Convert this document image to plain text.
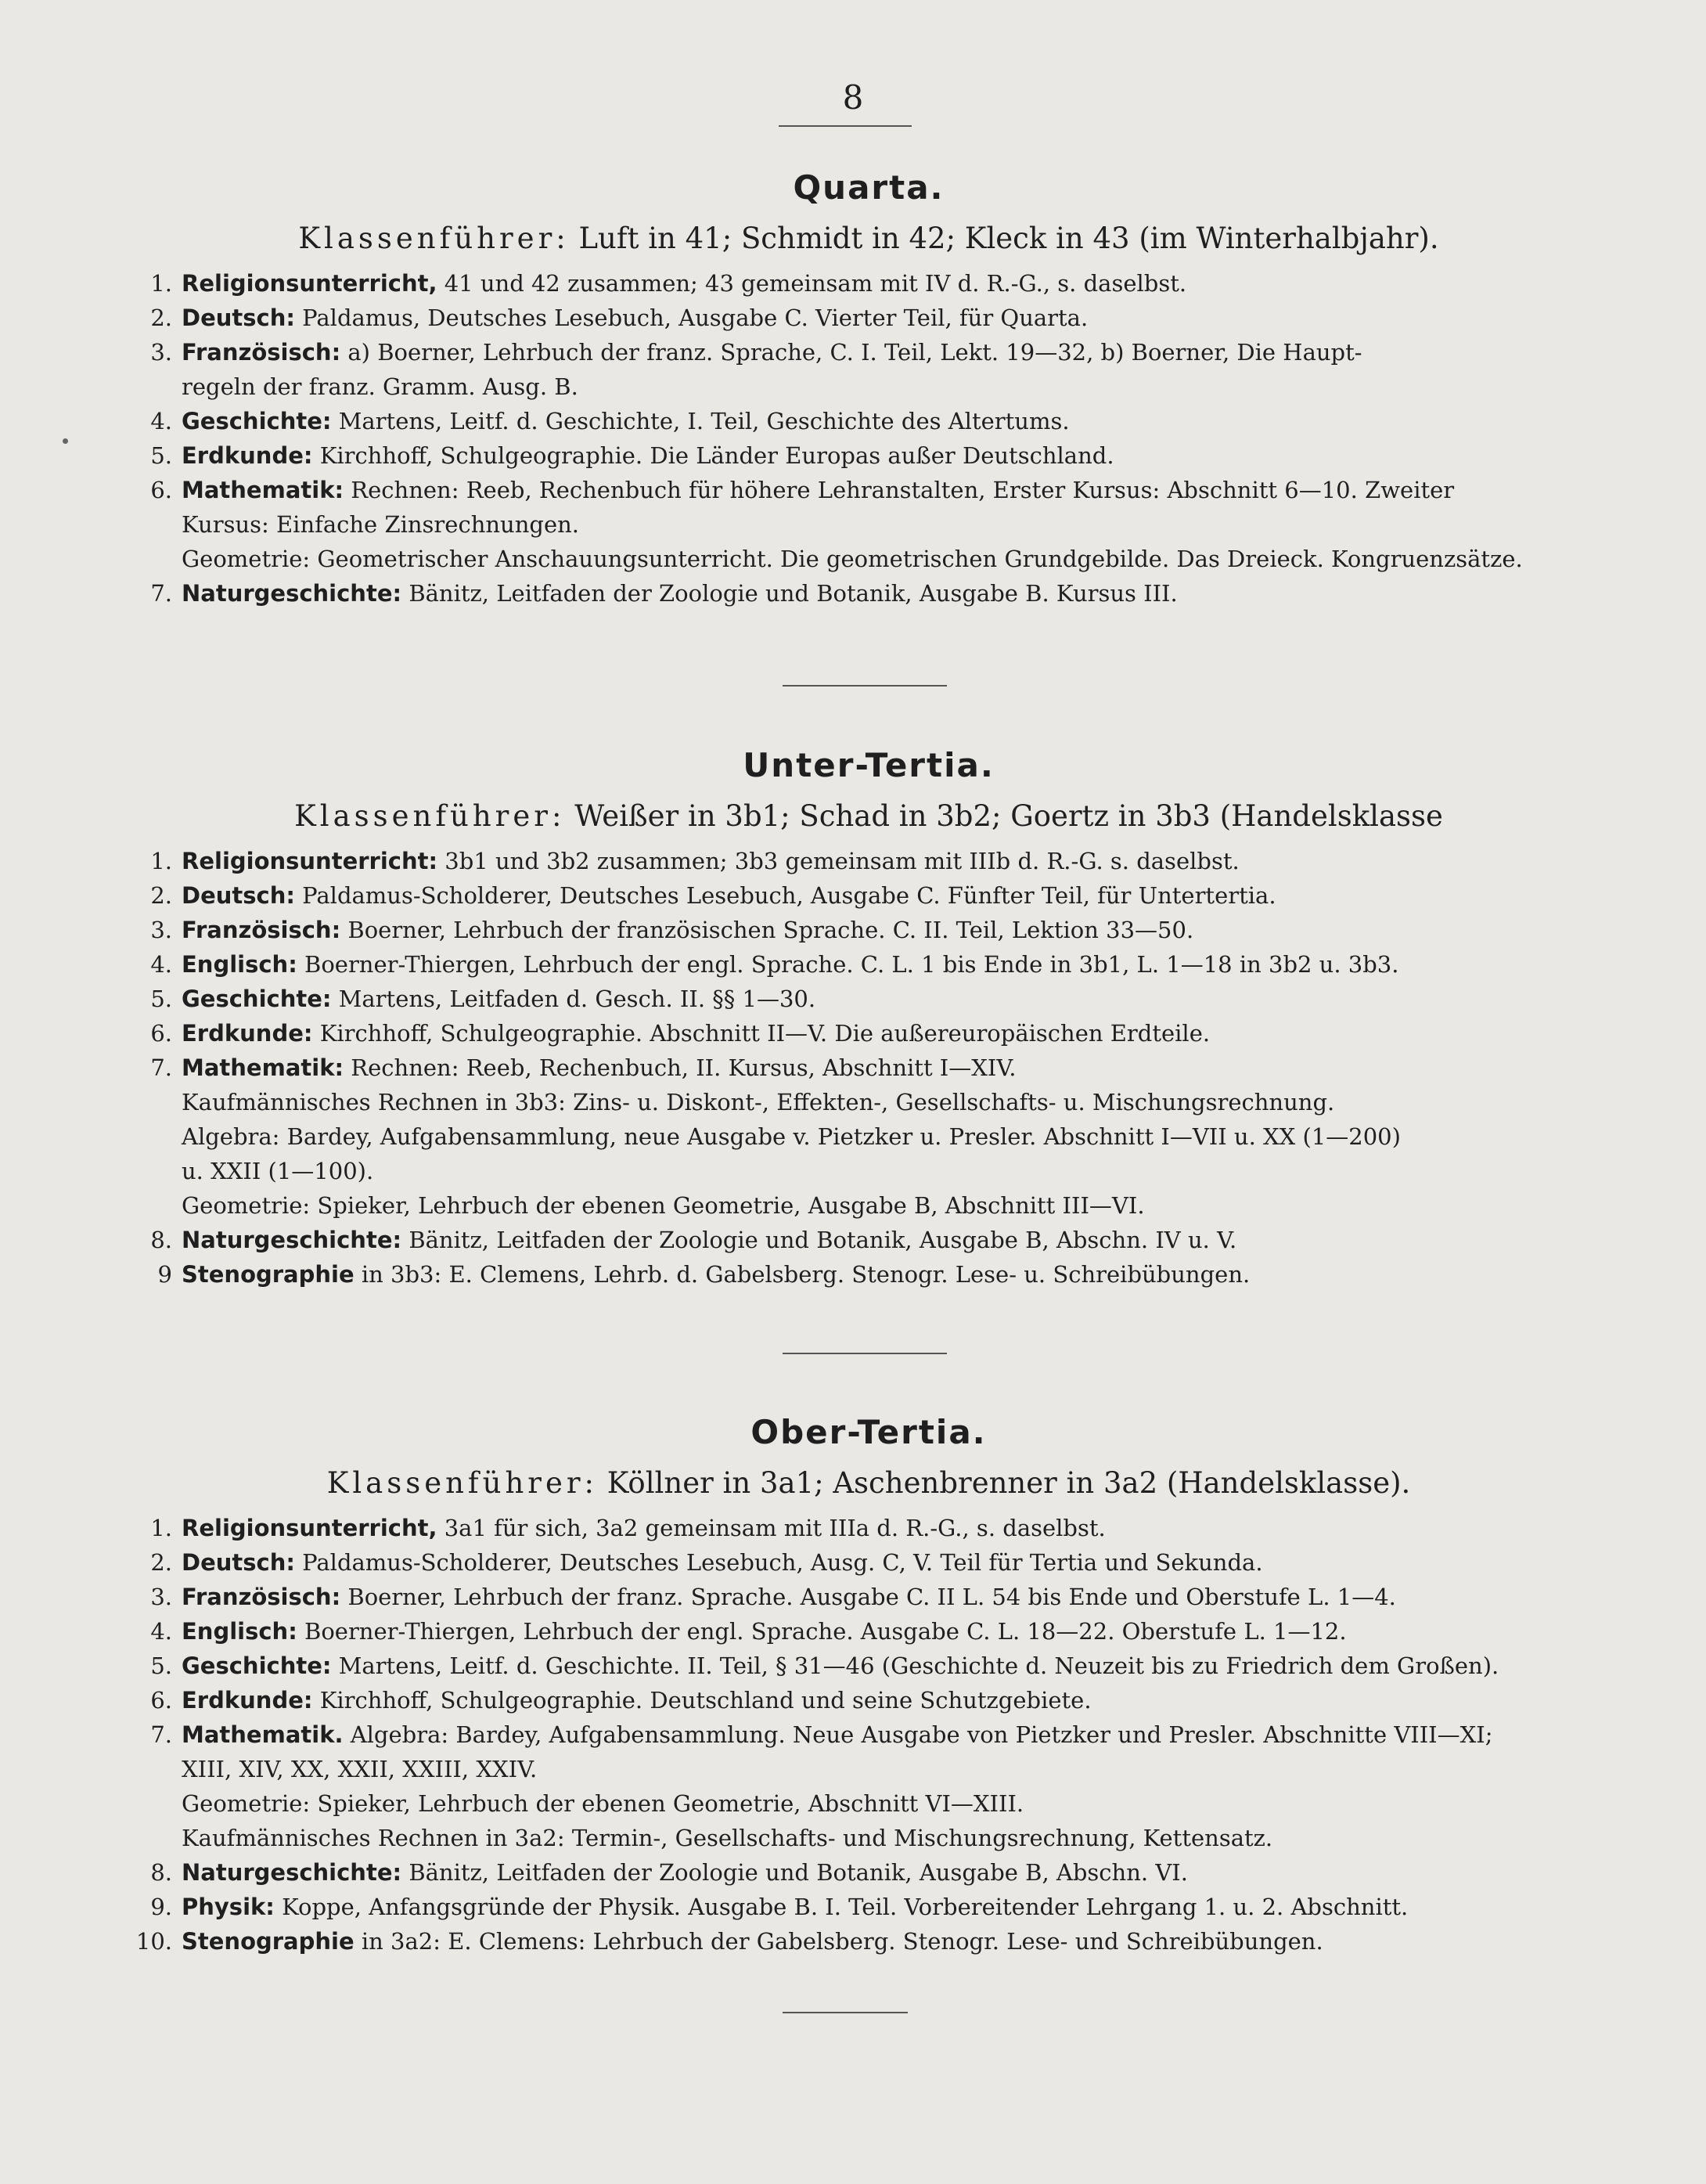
8
Quarta.
Klassenführer: Luft in 41; Schmidt in 42; Kleck in 43 (im Winterhalbjahr).
1. Religionsunterricht, 41 und 42 zusammen; 43 gemeinsam mit IV d. R.-G., s. daselbst.
2. Deutsch: Paldamus, Deutsches Lesebuch, Ausgabe C. Vierter Teil, für Quarta.
3. Französisch: a) Boerner, Lehrbuch der franz. Sprache, C. I. Teil, Lekt. 19—32, b) Boerner, Die Haupt-
regeln der franz. Gramm. Ausg. B.
4. Geschichte: Martens, Leitf. d. Geschichte, I. Teil, Geschichte des Altertums.
5. Erdkunde: Kirchhoff, Schulgeographie. Die Länder Europas außer Deutschland.
6. Mathematik: Rechnen: Reeb, Rechenbuch für höhere Lehranstalten, Erster Kursus: Abschnitt 6—10. Zweiter
Kursus: Einfache Zinsrechnungen.
Geometrie: Geometrischer Anschauungsunterricht. Die geometrischen Grundgebilde. Das Dreieck. Kongruenzsätze.
7. Naturgeschichte: Bänitz, Leitfaden der Zoologie und Botanik, Ausgabe B. Kursus III.
Unter-Tertia.
Klassenführer: Weißer in 3b1; Schad in 3b2; Goertz in 3b3 (Handelsklasse
1. Religionsunterricht: 3b1 und 3b2 zusammen; 3b3 gemeinsam mit IIIb d. R.-G. s. daselbst.
2. Deutsch: Paldamus-Scholderer, Deutsches Lesebuch, Ausgabe C. Fünfter Teil, für Untertertia.
3. Französisch: Boerner, Lehrbuch der französischen Sprache. C. II. Teil, Lektion 33—50.
4. Englisch: Boerner-Thiergen, Lehrbuch der engl. Sprache. C. L. 1 bis Ende in 3b1, L. 1—18 in 3b2 u. 3b3.
5. Geschichte: Martens, Leitfaden d. Gesch. II. §§ 1—30.
6. Erdkunde: Kirchhoff, Schulgeographie. Abschnitt II—V. Die außereuropäischen Erdteile.
7. Mathematik: Rechnen: Reeb, Rechenbuch, II. Kursus, Abschnitt I—XIV.
Kaufmännisches Rechnen in 3b3: Zins- u. Diskont-, Effekten-, Gesellschafts- u. Mischungsrechnung.
Algebra: Bardey, Aufgabensammlung, neue Ausgabe v. Pietzker u. Presler. Abschnitt I—VII u. XX (1—200)
u. XXII (1—100).
Geometrie: Spieker, Lehrbuch der ebenen Geometrie, Ausgabe B, Abschnitt III—VI.
8. Naturgeschichte: Bänitz, Leitfaden der Zoologie und Botanik, Ausgabe B, Abschn. IV u. V.
9 Stenographie in 3b3: E. Clemens, Lehrb. d. Gabelsberg. Stenogr. Lese- u. Schreibübungen.
Ober-Tertia.
Klassenführer: Köllner in 3a1; Aschenbrenner in 3a2 (Handelsklasse).
1. Religionsunterricht, 3a1 für sich, 3a2 gemeinsam mit IIIa d. R.-G., s. daselbst.
2. Deutsch: Paldamus-Scholderer, Deutsches Lesebuch, Ausg. C, V. Teil für Tertia und Sekunda.
3. Französisch: Boerner, Lehrbuch der franz. Sprache. Ausgabe C. II L. 54 bis Ende und Oberstufe L. 1—4.
4. Englisch: Boerner-Thiergen, Lehrbuch der engl. Sprache. Ausgabe C. L. 18—22. Oberstufe L. 1—12.
5. Geschichte: Martens, Leitf. d. Geschichte. II. Teil, § 31—46 (Geschichte d. Neuzeit bis zu Friedrich dem Großen).
6. Erdkunde: Kirchhoff, Schulgeographie. Deutschland und seine Schutzgebiete.
7. Mathematik. Algebra: Bardey, Aufgabensammlung. Neue Ausgabe von Pietzker und Presler. Abschnitte VIII—XI;
XIII, XIV, XX, XXII, XXIII, XXIV.
Geometrie: Spieker, Lehrbuch der ebenen Geometrie, Abschnitt VI—XIII.
Kaufmännisches Rechnen in 3a2: Termin-, Gesellschafts- und Mischungsrechnung, Kettensatz.
8. Naturgeschichte: Bänitz, Leitfaden der Zoologie und Botanik, Ausgabe B, Abschn. VI.
9. Physik: Koppe, Anfangsgründe der Physik. Ausgabe B. I. Teil. Vorbereitender Lehrgang 1. u. 2. Abschnitt.
10. Stenographie in 3a2: E. Clemens: Lehrbuch der Gabelsberg. Stenogr. Lese- und Schreibübungen.
